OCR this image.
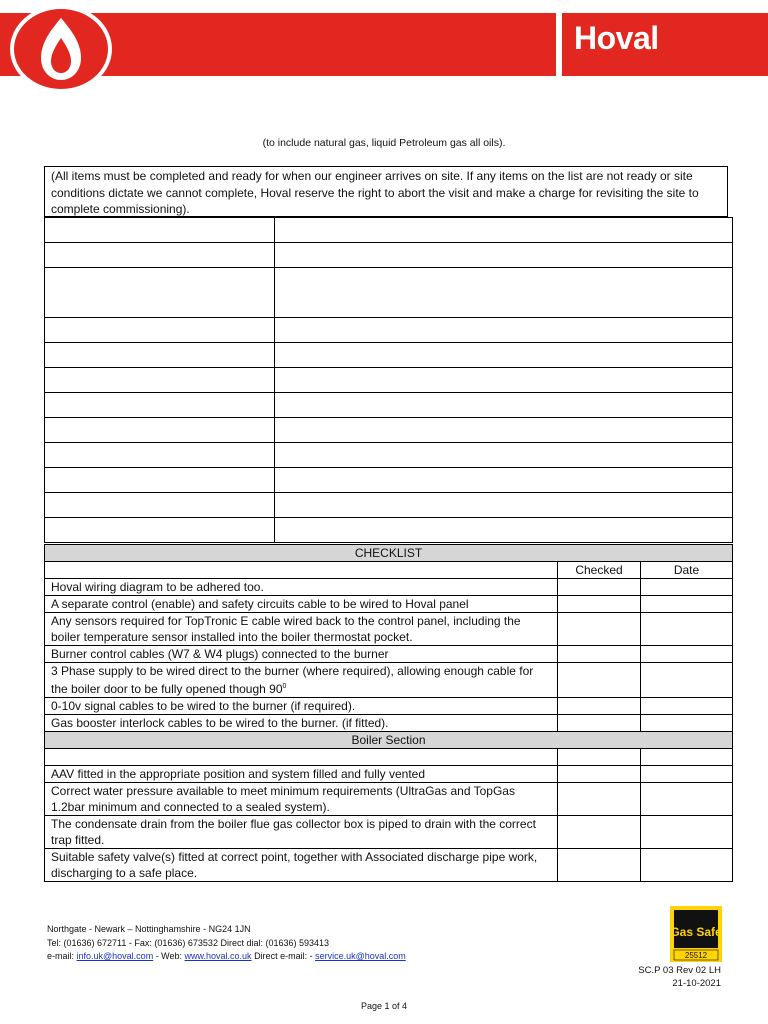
Hoval
(to include natural gas, liquid Petroleum gas all oils).
(All items must be completed and ready for when our engineer arrives on site. If any items on the list are not ready or site conditions dictate we cannot complete, Hoval reserve the right to abort the visit and make a charge for revisiting the site to complete commissioning).

CHECKLIST		
	Checked	Date
Hoval wiring diagram to be adhered too.		
A separate control (enable) and safety circuits cable to be wired to Hoval panel		
Any sensors required for TopTronic E cable wired back to the control panel, including the boiler temperature sensor installed into the boiler thermostat pocket.		
Burner control cables (W7 & W4 plugs) connected to the burner		
3 Phase supply to be wired direct to the burner (where required), allowing enough cable for the boiler door to be fully opened though $90^0$		
0-10v signal cables to be wired to the burner (if required).		
Gas booster interlock cables to be wired to the burner. (if fitted).		
Boiler Section		

AAV fitted in the appropriate position and system filled and fully vented		
Correct water pressure available to meet minimum requirements (UltraGas and TopGas 1.2bar minimum and connected to a sealed system).		
The condensate drain from the boiler flue gas collector box is piped to drain with the correct trap fitted.		
Suitable safety valve(s) fitted at correct point, together with Associated discharge pipe work, discharging to a safe place.		
Northgate - Newark – Nottinghamshire - NG24 1JN
Tel: (01636) 672711 - Fax: (01636) 673532 Direct dial: (01636) 593413
e-mail: info.uk@hoval.com - Web: www.hoval.co.uk Direct e-mail: - service.uk@hoval.com
Gas Safe
25512
SC.P 03 Rev 02 LH
21-10-2021
Page 1 of 4
